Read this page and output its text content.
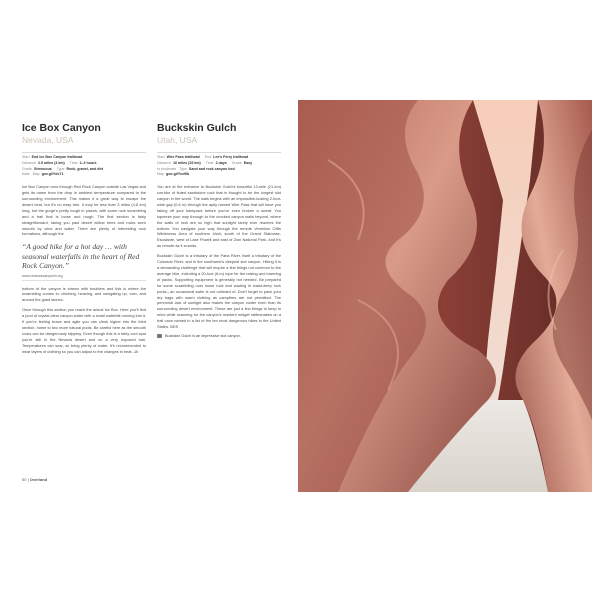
Ice Box Canyon
Nevada, USA
Start End Ice Box Canyon trailhead
Distance 2.5 miles (4 km) Time 2–3 hours
Grade Strenuous Type Rock, gravel, and dirt
trails Map gov.gl/Ydc71

Ice Box Canyon runs through Red Rock Canyon outside Las Vegas and gets its name from the drop in ambient temperature compared to the surrounding environment. This makes it a great way to escape the desert heat, but it's no easy trek. It may be less than 3 miles (4.8 km) long, but the gorge's pretty tough in places, with some rock scrambling and a trail that is loose and rough. The first section is fairly straightforward, taking you past desert willow trees and rocks worn smooth by wind and water. There are plenty of interesting rock formations, although the

“A good hike for a hot day … with seasonal waterfalls in the heart of Red Rock Canyon.”

www.redrockcanyonlv.org

bottom of the canyon is strewn with boulders and this is where the scrambling comes in: climbing, heaving, and navigating up, over, and around the giant stones.

Once through this section you reach the actual Ice Box. Here you'll find a pool of crystal-clear canyon water with a small waterfall running into it. If you're feeling brave and agile you can climb higher into the third section, home to two more natural pools. Be careful here as the smooth rocks can be dangerously slippery. Even though this is a fairly cool spot you're still in the Nevada desert and on a very exposed trail. Temperatures can soar, so bring plenty of water. It's recommended to wear layers of clothing so you can adjust to the changes in heat. JA

Buckskin Gulch
Utah, USA
Start Wire Pass trailhead End Lee's Ferry trailhead
Distance 16 miles (25 km) Time 2 days Grade Easy
to moderate Type Sand and rock canyon bed
Map goo.gl/Yex9lb

You are at the entrance to Buckskin Gulch's beautiful 13-mile (21-km) corridor of fluted sandstone rock that is thought to be the longest slot canyon in the world. The walk begins with an impossible-looking 2-foot-wide gap (0.6 m) through the aptly named Wire Pass that will have you taking off your backpack before you've even broken a sweat. You squeeze your way through to the crooked canyon walls beyond, where the walls of rock are so high that sunlight rarely ever reaches the bottom. You navigate your way through the remote Vermilion Cliffs Wilderness Area of southern Utah, south of the Grand Staircase-Escalante, west of Lake Powell and east of Zion National Park. And it's as remote as it sounds.

Buckskin Gulch is a tributary of the Paria River, itself a tributary of the Colorado River, and is the southwest's deepest slot canyon. Hiking it is a demanding challenge that will require a few things not common to the average hike, including a 20-foot (6-m) rope for the raising and lowering of packs. Supporting equipment is generally not needed. Be prepared for some scrambling over loose rock and wading in waist-deep rock pools—an occasional swim is not unheard of. Don't forget to pack your dry bags with warm clothing as campfires are not permitted. The perennial lack of sunlight also makes the canyon colder even than its surrounding desert environment. These are just a few things to keep in mind while scanning for the canyon's resident midget rattlesnakes on a trail once named in a list of the ten most dangerous hikes in the United States. BDS

Buckskin Gulch is an impressive slot canyon.
50 | Overland
